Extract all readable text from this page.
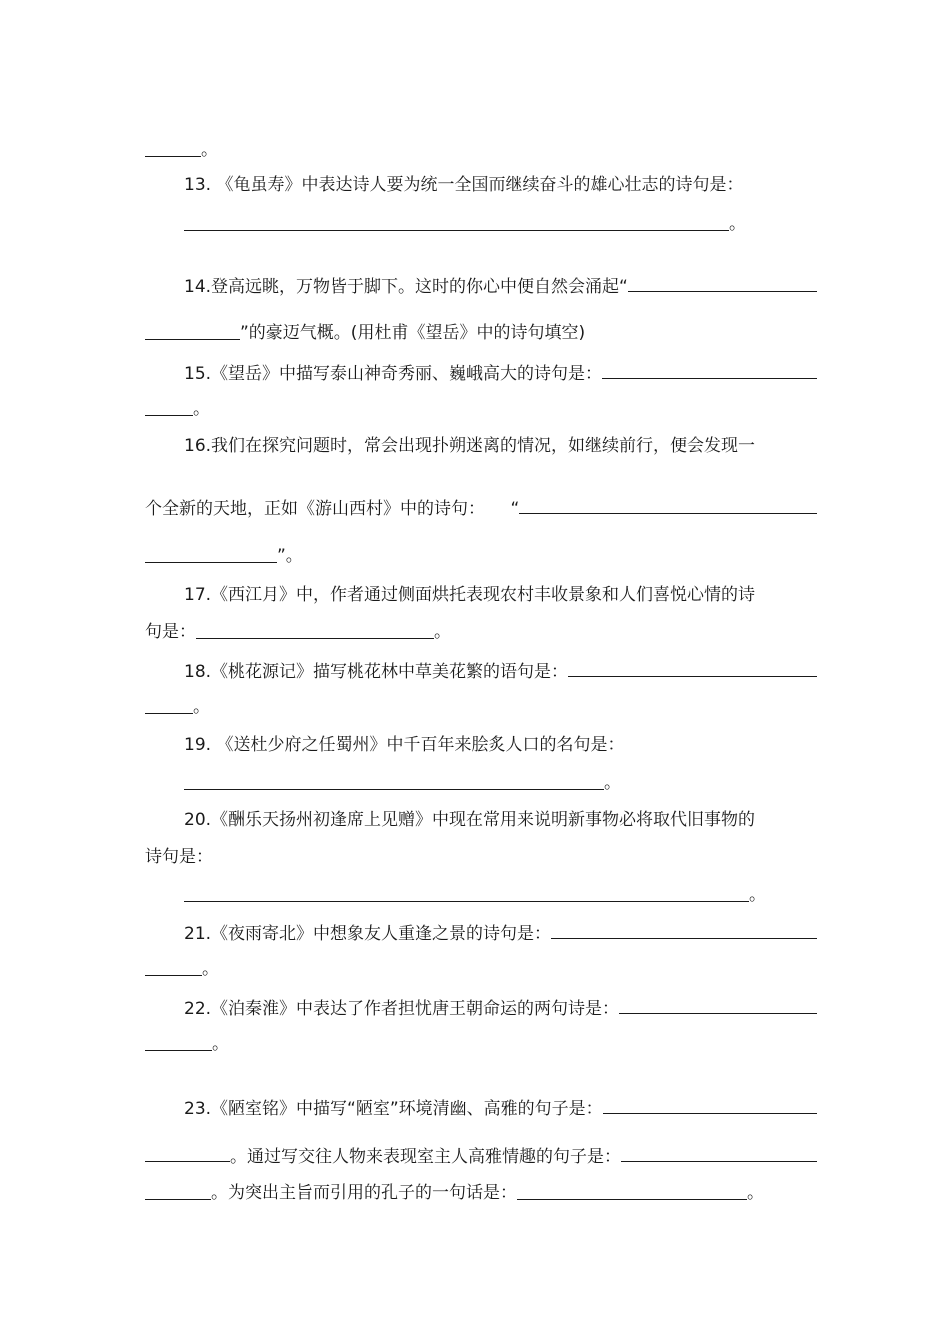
。
13. 《龟虽寿》中表达诗人要为统一全国而继续奋斗的雄心壮志的诗句是：
。
14.登高远眺，万物皆于脚下。这时的你心中便自然会涌起“
”的豪迈气概。(用杜甫《望岳》中的诗句填空)
15.《望岳》中描写泰山神奇秀丽、巍峨高大的诗句是：
。
16.我们在探究问题时，常会出现扑朔迷离的情况，如继续前行，便会发现一
个全新的天地，正如《游山西村》中的诗句：　　“
”。
17.《西江月》中，作者通过侧面烘托表现农村丰收景象和人们喜悦心情的诗
句是：	。
18.《桃花源记》描写桃花林中草美花繁的语句是：
。
19. 《送杜少府之任蜀州》中千百年来脍炙人口的名句是：
。
20.《酬乐天扬州初逢席上见赠》中现在常用来说明新事物必将取代旧事物的
诗句是：
。
21.《夜雨寄北》中想象友人重逢之景的诗句是：
。
22.《泊秦淮》中表达了作者担忧唐王朝命运的两句诗是：
。
23.《陋室铭》中描写“陋室”环境清幽、高雅的句子是：
。通过写交往人物来表现室主人高雅情趣的句子是：
。为突出主旨而引用的孔子的一句话是：	。
